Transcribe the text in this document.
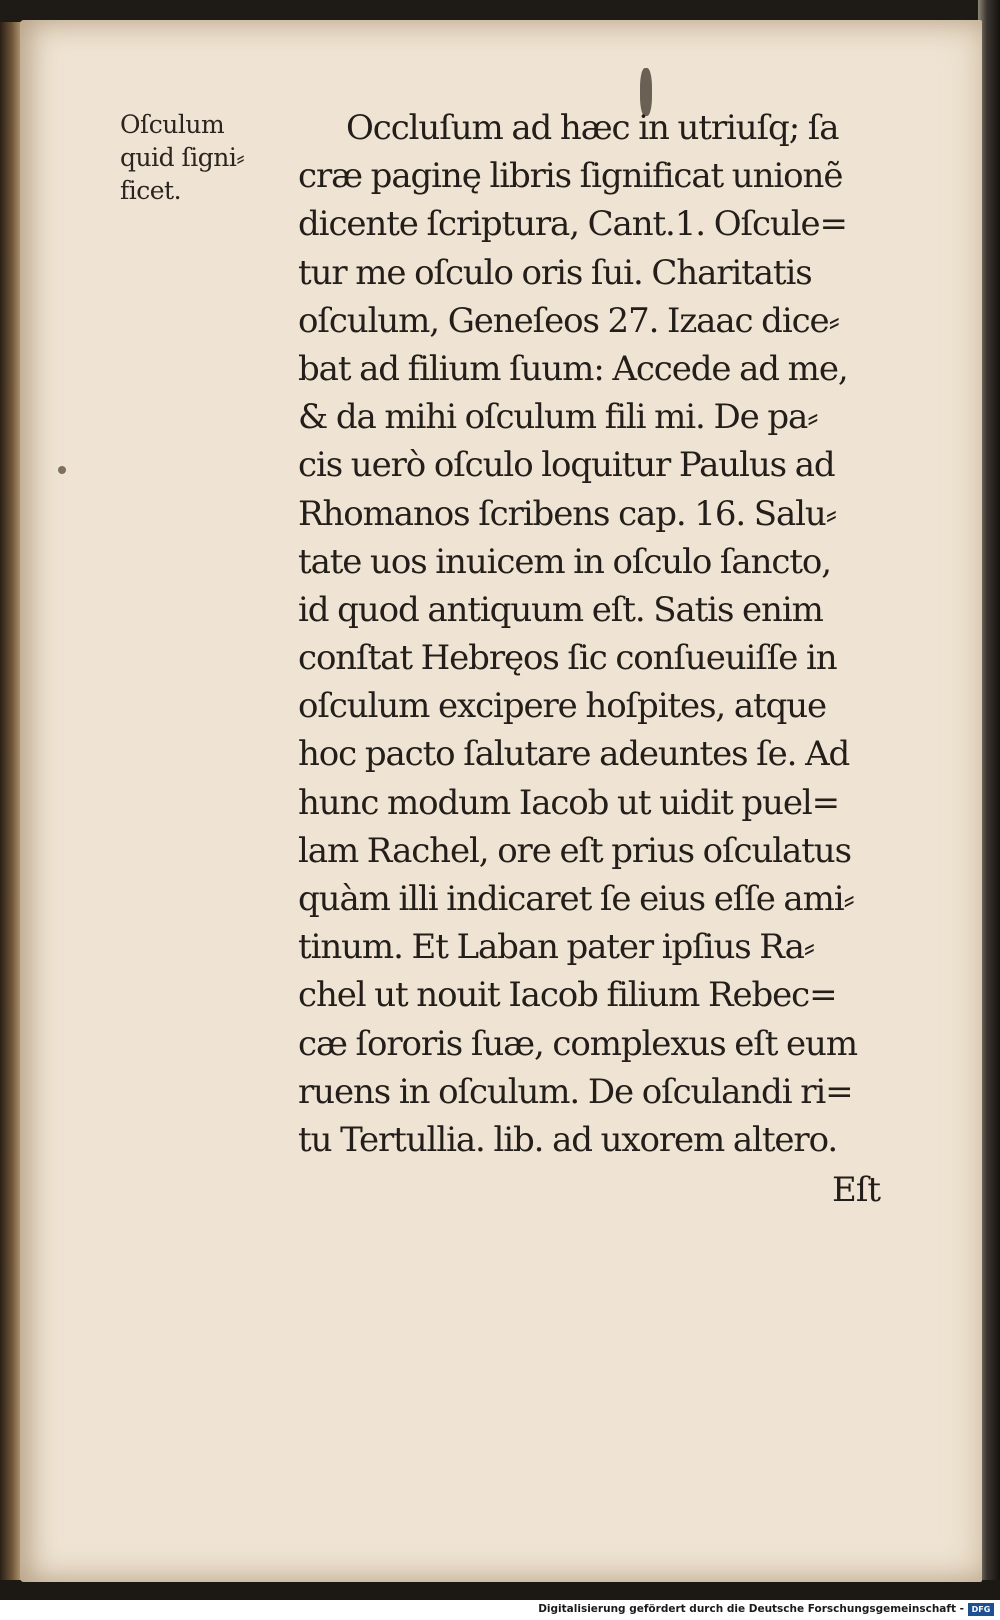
Oſculum
quid ſigni⸗
ficet.
Occluſum ad hæc in utriuſq; ſa
cræ paginę libris ſignificat unionẽ
dicente ſcriptura, Cant.1. Oſcule=
tur me oſculo oris ſui. Charitatis
oſculum, Geneſeos 27. Izaac dice⸗
bat ad filium ſuum: Accede ad me,
& da mihi oſculum fili mi. De pa⸗
cis uerò oſculo loquitur Paulus ad
Rhomanos ſcribens cap. 16. Salu⸗
tate uos inuicem in oſculo ſancto,
id quod antiquum eſt. Satis enim
conſtat Hebręos ſic conſueuiſſe in
oſculum excipere hoſpites, atque
hoc pacto ſalutare adeuntes ſe. Ad
hunc modum Iacob ut uidit puel=
lam Rachel, ore eſt prius oſculatus
quàm illi indicaret ſe eius eſſe ami⸗
tinum. Et Laban pater ipſius Ra⸗
chel ut nouit Iacob filium Rebec=
cæ ſororis ſuæ, complexus eſt eum
ruens in oſculum. De oſculandi ri=
tu Tertullia. lib. ad uxorem altero.
Eſt
Digitalisierung gefördert durch die Deutsche Forschungsgemeinschaft - DFG
